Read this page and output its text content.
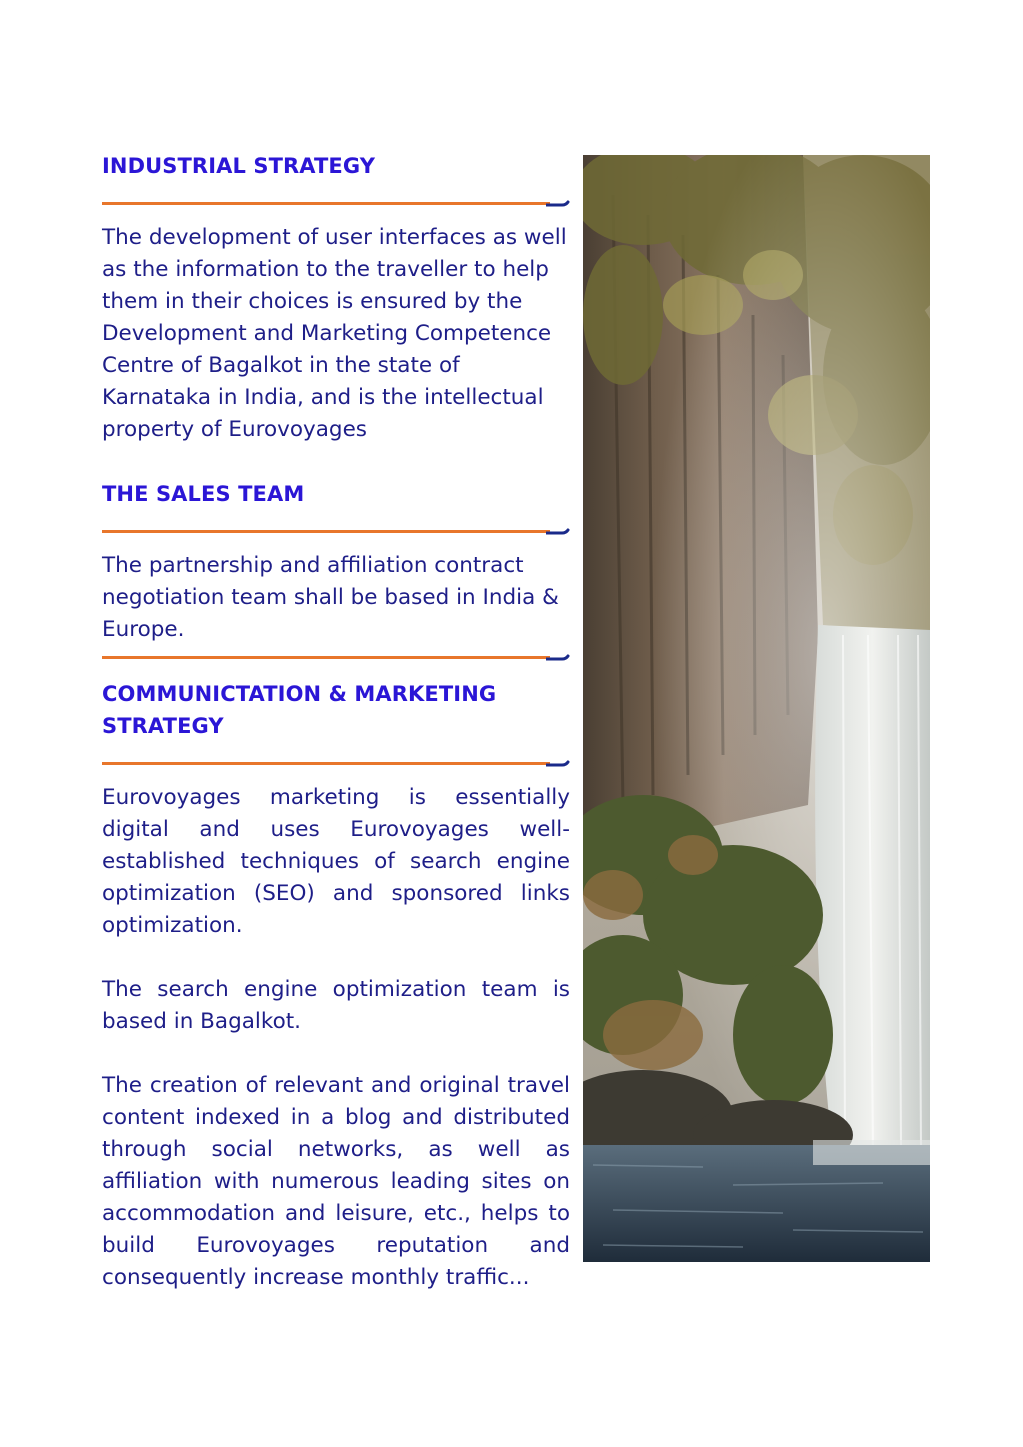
INDUSTRIAL STRATEGY

The development of user interfaces as well as the information to the traveller to help them in their choices is ensured by the Development and Marketing Competence Centre of Bagalkot in the state of Karnataka in India, and is the intellectual property of Eurovoyages

THE SALES TEAM

The partnership and affiliation contract negotiation team shall be based in India & Europe.

COMMUNICTATION & MARKETING STRATEGY

Eurovoyages marketing is essentially digital and uses Eurovoyages well-established techniques of search engine optimization (SEO) and sponsored links optimization.

The search engine optimization team is based in Bagalkot.

The creation of relevant and original travel content indexed in a blog and distributed through social networks, as well as affiliation with numerous leading sites on accommodation and leisure, etc., helps to build Eurovoyages reputation and consequently increase monthly traffic...
